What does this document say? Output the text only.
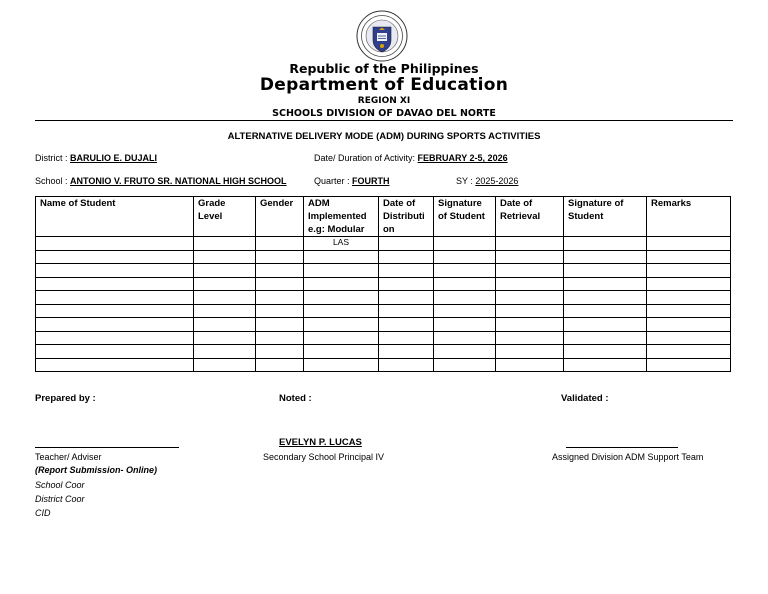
Republic of the Philippines
Department of Education
REGION XI
SCHOOLS DIVISION OF DAVAO DEL NORTE
ALTERNATIVE DELIVERY MODE (ADM) DURING SPORTS ACTIVITIES
District : BARULIO E. DUJALI	Date/ Duration of Activity: FEBRUARY 2-5, 2026
School : ANTONIO V. FRUTO SR. NATIONAL HIGH SCHOOL	Quarter : FOURTH	SY : 2025-2026
Name of Student	Grade Level	Gender	ADM Implemented e.g: Modular	Date of Distributi on	Signature of Student	Date of Retrieval	Signature of Student	Remarks
			LAS					

Prepared by :	Noted :	Validated :
EVELYN P. LUCAS
Teacher/ Adviser	Secondary School Principal IV	Assigned Division ADM Support Team
(Report Submission- Online)
School Coor
District Coor
CID
